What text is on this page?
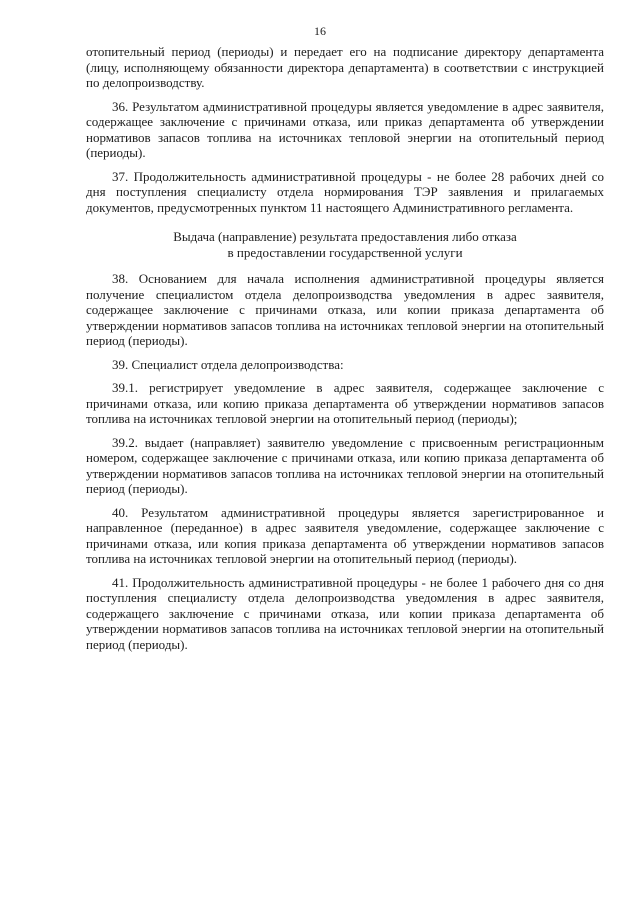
16

отопительный период (периоды) и передает его на подписание директору департамента (лицу, исполняющему обязанности директора департамента) в соответствии с инструкцией по делопроизводству.

36. Результатом административной процедуры является уведомление в адрес заявителя, содержащее заключение с причинами отказа, или приказ департамента об утверждении нормативов запасов топлива на источниках тепловой энергии на отопительный период (периоды).

37. Продолжительность административной процедуры - не более 28 рабочих дней со дня поступления специалисту отдела нормирования ТЭР заявления и прилагаемых документов, предусмотренных пунктом 11 настоящего Административного регламента.

Выдача (направление) результата предоставления либо отказа
в предоставлении государственной услуги

38. Основанием для начала исполнения административной процедуры является получение специалистом отдела делопроизводства уведомления в адрес заявителя, содержащее заключение с причинами отказа, или копии приказа департамента об утверждении нормативов запасов топлива на источниках тепловой энергии на отопительный период (периоды).

39. Специалист отдела делопроизводства:

39.1. регистрирует уведомление в адрес заявителя, содержащее заключение с причинами отказа, или копию приказа департамента об утверждении нормативов запасов топлива на источниках тепловой энергии на отопительный период (периоды);

39.2. выдает (направляет) заявителю уведомление с присвоенным регистрационным номером, содержащее заключение с причинами отказа, или копию приказа департамента об утверждении нормативов запасов топлива на источниках тепловой энергии на отопительный период (периоды).

40. Результатом административной процедуры является зарегистрированное и направленное (переданное) в адрес заявителя уведомление, содержащее заключение с причинами отказа, или копия приказа департамента об утверждении нормативов запасов топлива на источниках тепловой энергии на отопительный период (периоды).

41. Продолжительность административной процедуры - не более 1 рабочего дня со дня поступления специалисту отдела делопроизводства уведомления в адрес заявителя, содержащего заключение с причинами отказа, или копии приказа департамента об утверждении нормативов запасов топлива на источниках тепловой энергии на отопительный период (периоды).
